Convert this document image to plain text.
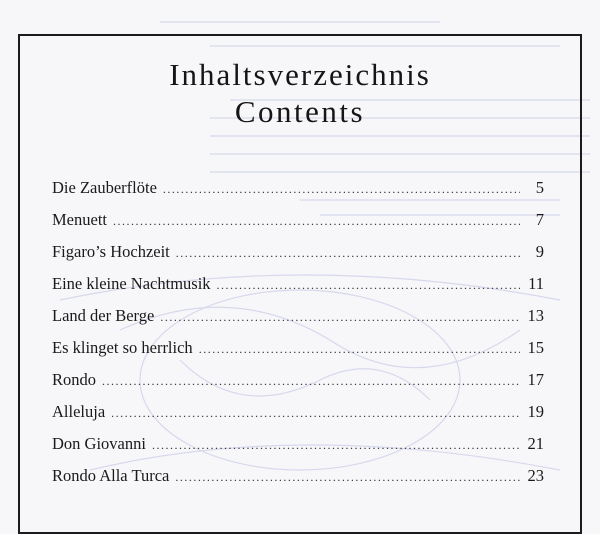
Inhaltsverzeichnis
Contents
Die Zauberflöte .....	5
Menuett .....	7
Figaro’s Hochzeit .....	9
Eine kleine Nachtmusik .....	11
Land der Berge .....	13
Es klinget so herrlich .....	15
Rondo .....	17
Alleluja .....	19
Don Giovanni .....	21
Rondo Alla Turca .....	23
